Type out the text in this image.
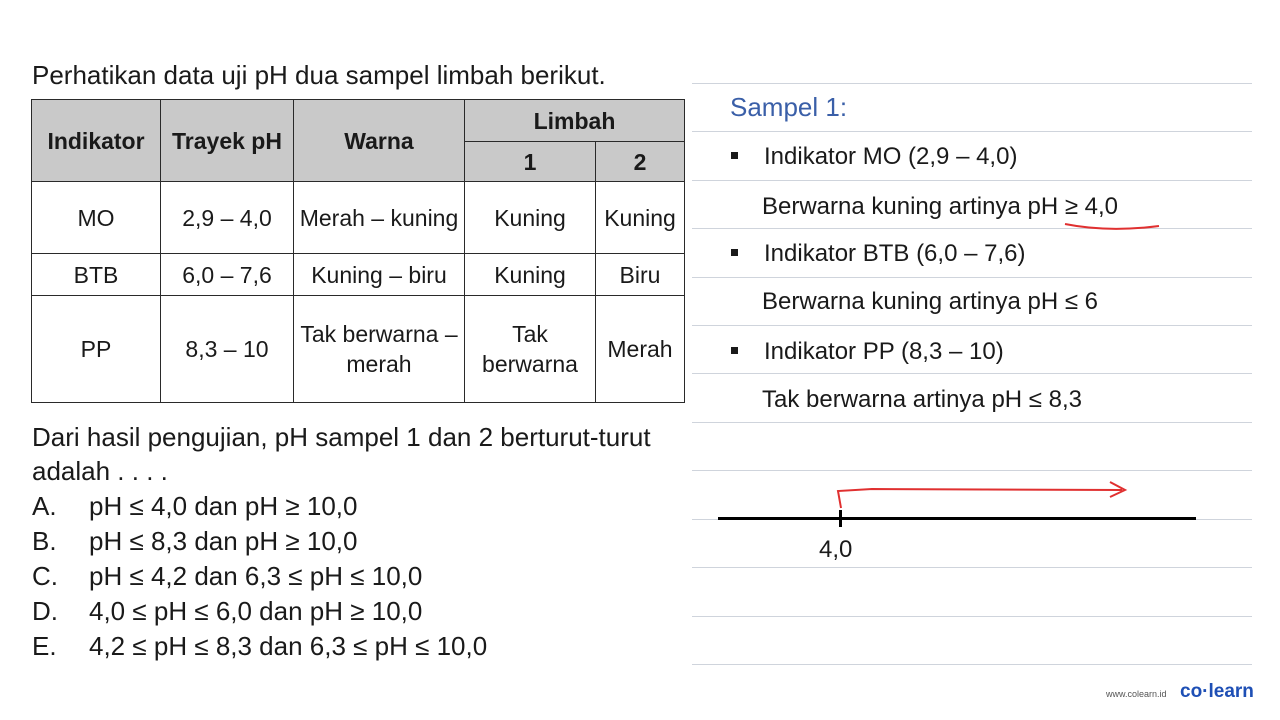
Perhatikan data uji pH dua sampel limbah berikut.
Indikator	Trayek pH	Warna	Limbah	
			1	2
MO	2,9 – 4,0	Merah – kuning	Kuning	Kuning
BTB	6,0 – 7,6	Kuning – biru	Kuning	Biru
PP	8,3 – 10	Tak berwarna – merah	Tak berwarna	Merah
Dari hasil pengujian, pH sampel 1 dan 2 berturut-turut adalah . . . .
A. pH ≤ 4,0 dan pH ≥ 10,0
B. pH ≤ 8,3 dan pH ≥ 10,0
C. pH ≤ 4,2 dan 6,3 ≤ pH ≤ 10,0
D. 4,0 ≤ pH ≤ 6,0 dan pH ≥ 10,0
E. 4,2 ≤ pH ≤ 8,3 dan 6,3 ≤ pH ≤ 10,0
Sampel 1:
Indikator MO (2,9 – 4,0)
Berwarna kuning artinya pH ≥ 4,0
Indikator BTB (6,0 – 7,6)
Berwarna kuning artinya pH ≤ 6
Indikator PP (8,3 – 10)
Tak berwarna artinya pH ≤ 8,3
4,0
www.colearn.id co·learn
